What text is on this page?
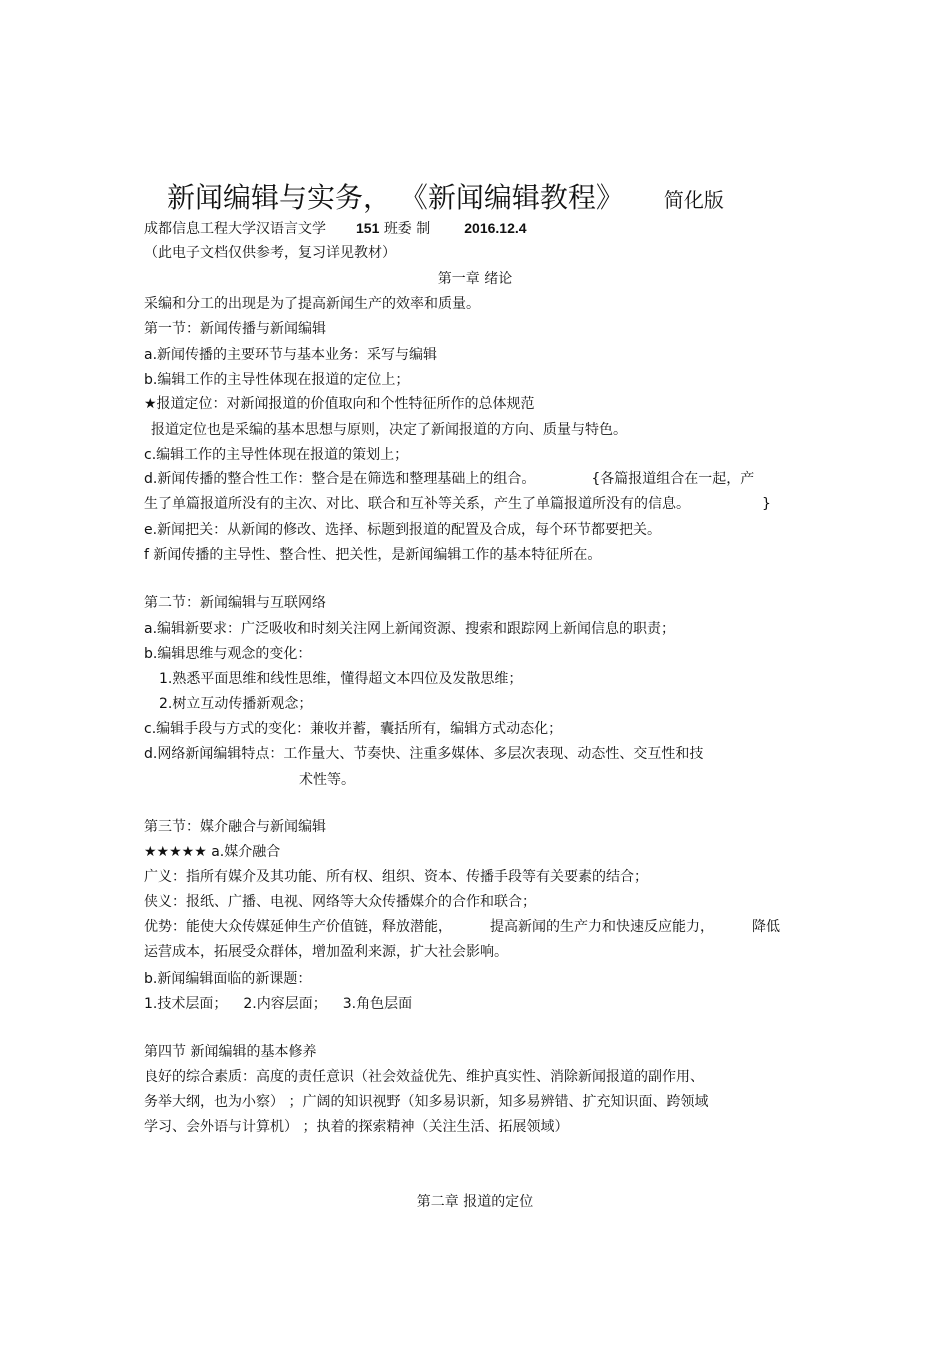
新闻编辑与实务， 《新闻编辑教程》 简化版
成都信息工程大学汉语言文学 151 班委 制 2016.12.4
（此电子文档仅供参考，复习详见教材）
第一章 绪论
采编和分工的出现是为了提高新闻生产的效率和质量。
第一节：新闻传播与新闻编辑
a.新闻传播的主要环节与基本业务：采写与编辑
b.编辑工作的主导性体现在报道的定位上；
★报道定位：对新闻报道的价值取向和个性特征所作的总体规范
报道定位也是采编的基本思想与原则，决定了新闻报道的方向、质量与特色。
c.编辑工作的主导性体现在报道的策划上；
d.新闻传播的整合性工作：整合是在筛选和整理基础上的组合。	{各篇报道组合在一起，产
生了单篇报道所没有的主次、对比、联合和互补等关系，产生了单篇报道所没有的信息。	}
e.新闻把关：从新闻的修改、选择、标题到报道的配置及合成，每个环节都要把关。
f 新闻传播的主导性、整合性、把关性，是新闻编辑工作的基本特征所在。
第二节：新闻编辑与互联网络
a.编辑新要求：广泛吸收和时刻关注网上新闻资源、搜索和跟踪网上新闻信息的职责；
b.编辑思维与观念的变化：
1.熟悉平面思维和线性思维，懂得超文本四位及发散思维；
2.树立互动传播新观念；
c.编辑手段与方式的变化：兼收并蓄，囊括所有，编辑方式动态化；
d.网络新闻编辑特点：工作量大、节奏快、注重多媒体、多层次表现、动态性、交互性和技
术性等。
第三节：媒介融合与新闻编辑
★★★★★ a.媒介融合
广义：指所有媒介及其功能、所有权、组织、资本、传播手段等有关要素的结合；
侠义：报纸、广播、电视、网络等大众传播媒介的合作和联合；
优势：能使大众传媒延伸生产价值链，释放潜能，	提高新闻的生产力和快速反应能力，	降低
运营成本，拓展受众群体，增加盈利来源，扩大社会影响。
b.新闻编辑面临的新课题：
1.技术层面； 2.内容层面； 3.角色层面
第四节 新闻编辑的基本修养
良好的综合素质：高度的责任意识（社会效益优先、维护真实性、消除新闻报道的副作用、
务举大纲，也为小察） ；广阔的知识视野（知多易识新，知多易辨错、扩充知识面、跨领域
学习、会外语与计算机） ；执着的探索精神（关注生活、拓展领域）
第二章 报道的定位
